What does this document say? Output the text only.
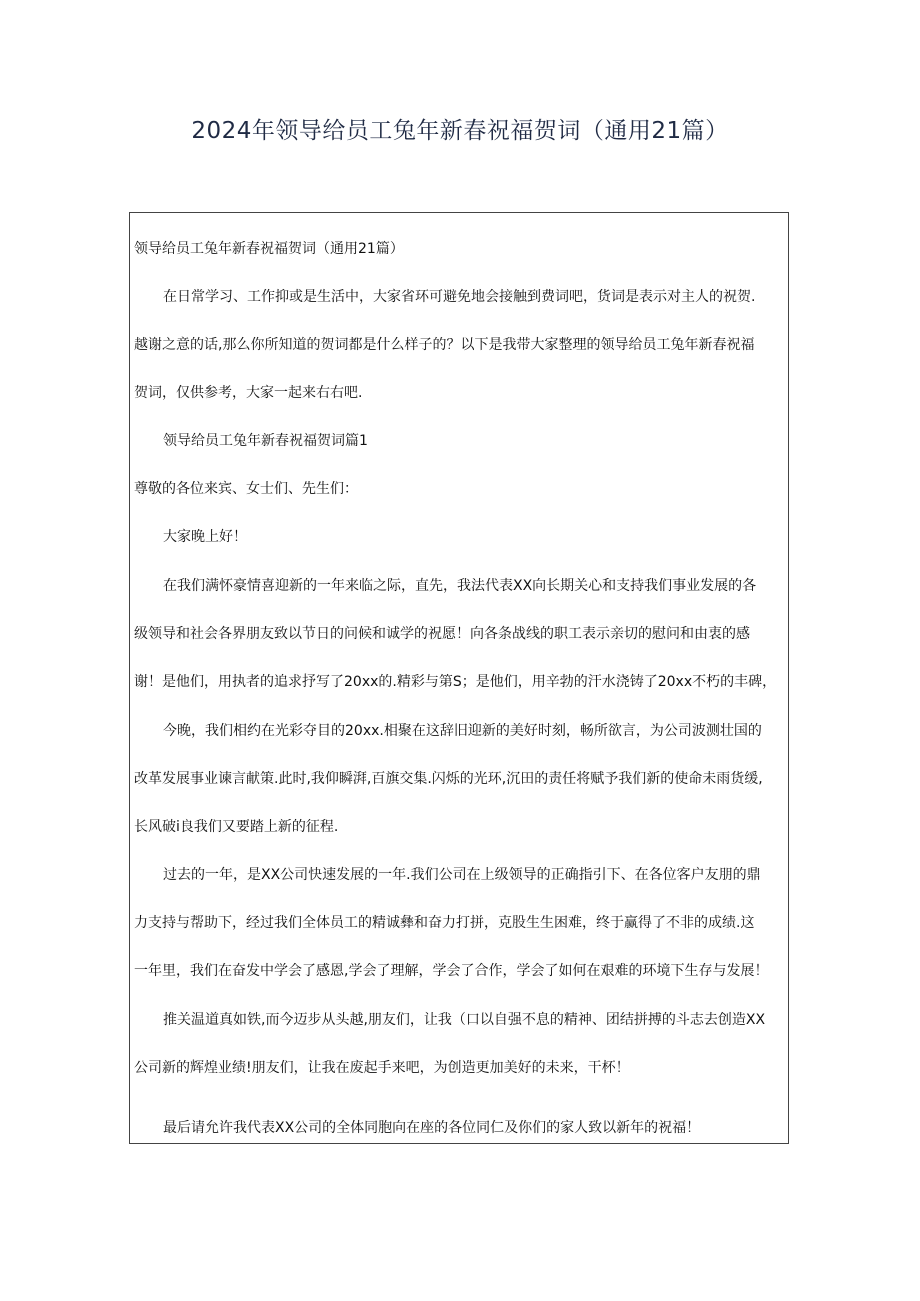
2024年领导给员工兔年新春祝福贺词（通用21篇）
领导给员工兔年新春祝福贺词（通用21篇）
在日常学习、工作抑或是生活中，大家省环可避免地会接触到费词吧，货词是表示对主人的祝贺.
越谢之意的话,那么你所知道的贺词都是什么样子的？以下是我带大家整理的领导给员工兔年新春祝福
贺词，仅供参考，大家一起来右右吧.
领导给员工兔年新春祝福贺词篇1
尊敬的各位来宾、女士们、先生们：
大家晚上好！
在我们满怀豪情喜迎新的一年来临之际，直先，我法代表XX向长期关心和支持我们事业发展的各
级领导和社会各界朋友致以节日的问候和诚学的祝愿！向各条战线的职工表示亲切的慰问和由衷的感
谢！是他们，用执者的追求抒写了20xx的.精彩与第S；是他们，用辛勃的汗水浇铸了20xx不朽的丰碑，
今晚，我们相约在光彩夺目的20xx.相聚在这辞旧迎新的美好时刻，畅所欲言，为公司波测壮国的
改革发展事业谏言献策.此时,我仰瞬湃,百旗交集.闪烁的光环,沉田的责任将赋予我们新的使命未雨货缓,
长风破i良我们又要踏上新的征程.
过去的一年，是XX公司快速发展的一年.我们公司在上级领导的正确指引下、在各位客户友朋的鼎
力支持与帮助下，经过我们全体员工的精诚彝和奋力打拼，克股生生困难，终于赢得了不非的成绩.这
一年里，我们在奋发中学会了感恩,学会了理解，学会了合作，学会了如何在艰难的环境下生存与发展！
推关温道真如铁,而今迈步从头越,朋友们，让我（口以自强不息的精神、团结拼搏的斗志去创造XX
公司新的辉煌业绩!朋友们，让我在废起手来吧，为创造更加美好的未来，干杯！
最后请允许我代表XX公司的全体同胞向在座的各位同仁及你们的家人致以新年的祝福！
